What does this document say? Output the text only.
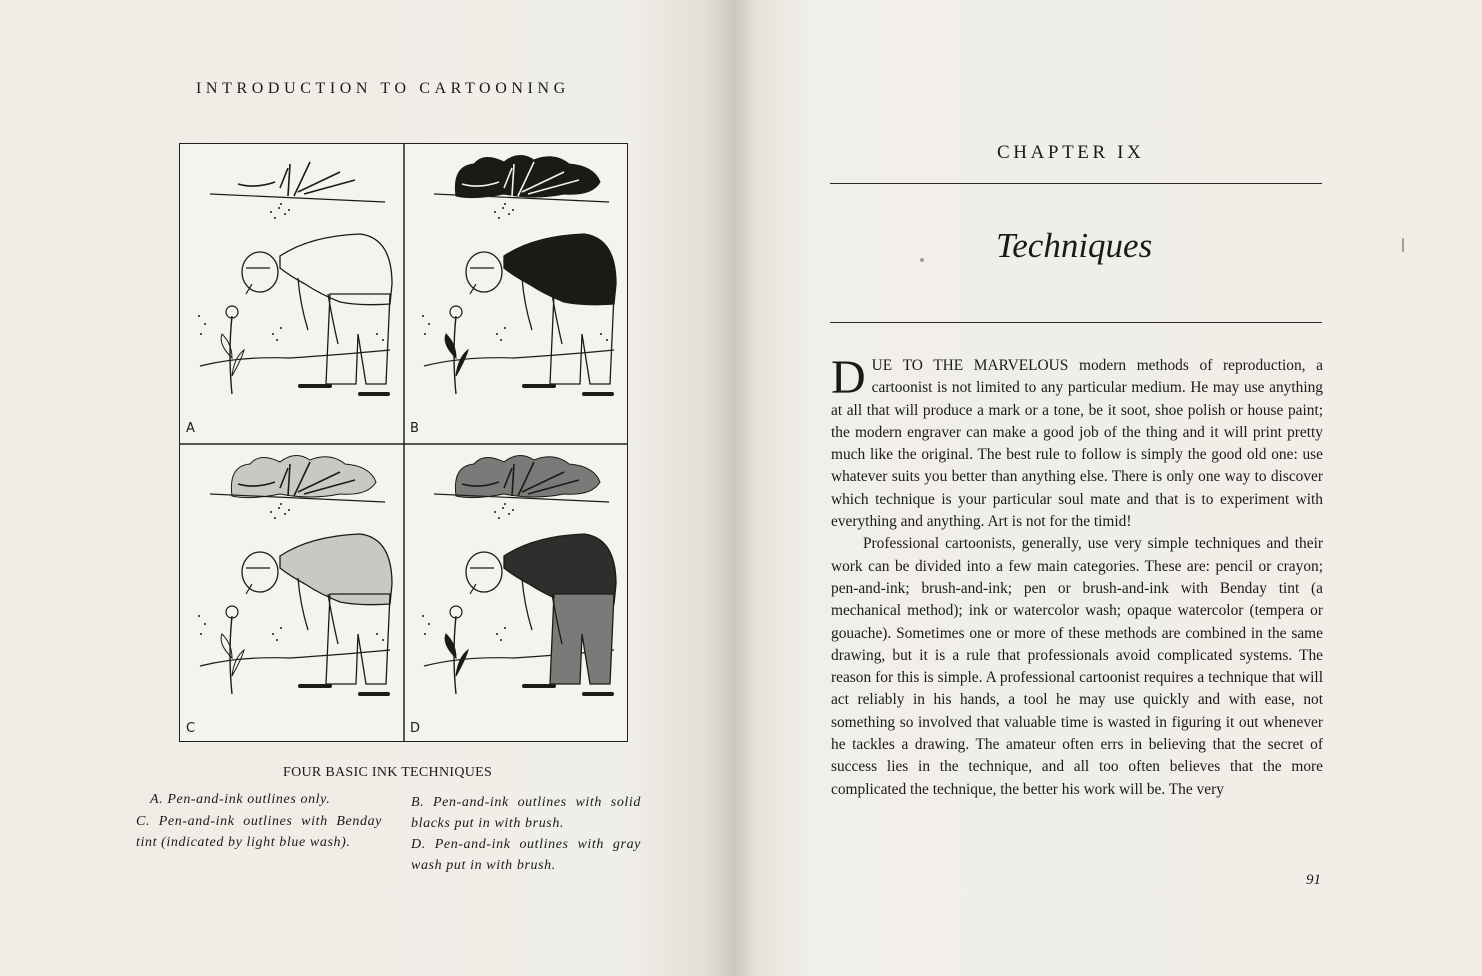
INTRODUCTION TO CARTOONING
A	B
C	D
FOUR BASIC INK TECHNIQUES
A. Pen-and-ink outlines only.
C. Pen-and-ink outlines with Benday tint (indicated by light blue wash).
B. Pen-and-ink outlines with solid blacks put in with brush.
D. Pen-and-ink outlines with gray wash put in with brush.
CHAPTER IX
Techniques

DUE TO THE MARVELOUS modern methods of reproduction, a cartoonist is not limited to any particular medium. He may use anything at all that will produce a mark or a tone, be it soot, shoe polish or house paint; the modern engraver can make a good job of the thing and it will print pretty much like the original. The best rule to follow is simply the good old one: use whatever suits you better than anything else. There is only one way to discover which technique is your particular soul mate and that is to experiment with everything and anything. Art is not for the timid!

Professional cartoonists, generally, use very simple techniques and their work can be divided into a few main categories. These are: pencil or crayon; pen-and-ink; brush-and-ink; pen or brush-and-ink with Benday tint (a mechanical method); ink or watercolor wash; opaque watercolor (tempera or gouache). Sometimes one or more of these methods are combined in the same drawing, but it is a rule that professionals avoid complicated systems. The reason for this is simple. A professional cartoonist requires a technique that will act reliably in his hands, a tool he may use quickly and with ease, not something so involved that valuable time is wasted in figuring it out whenever he tackles a drawing. The amateur often errs in believing that the secret of success lies in the technique, and all too often believes that the more complicated the technique, the better his work will be. The very

91
